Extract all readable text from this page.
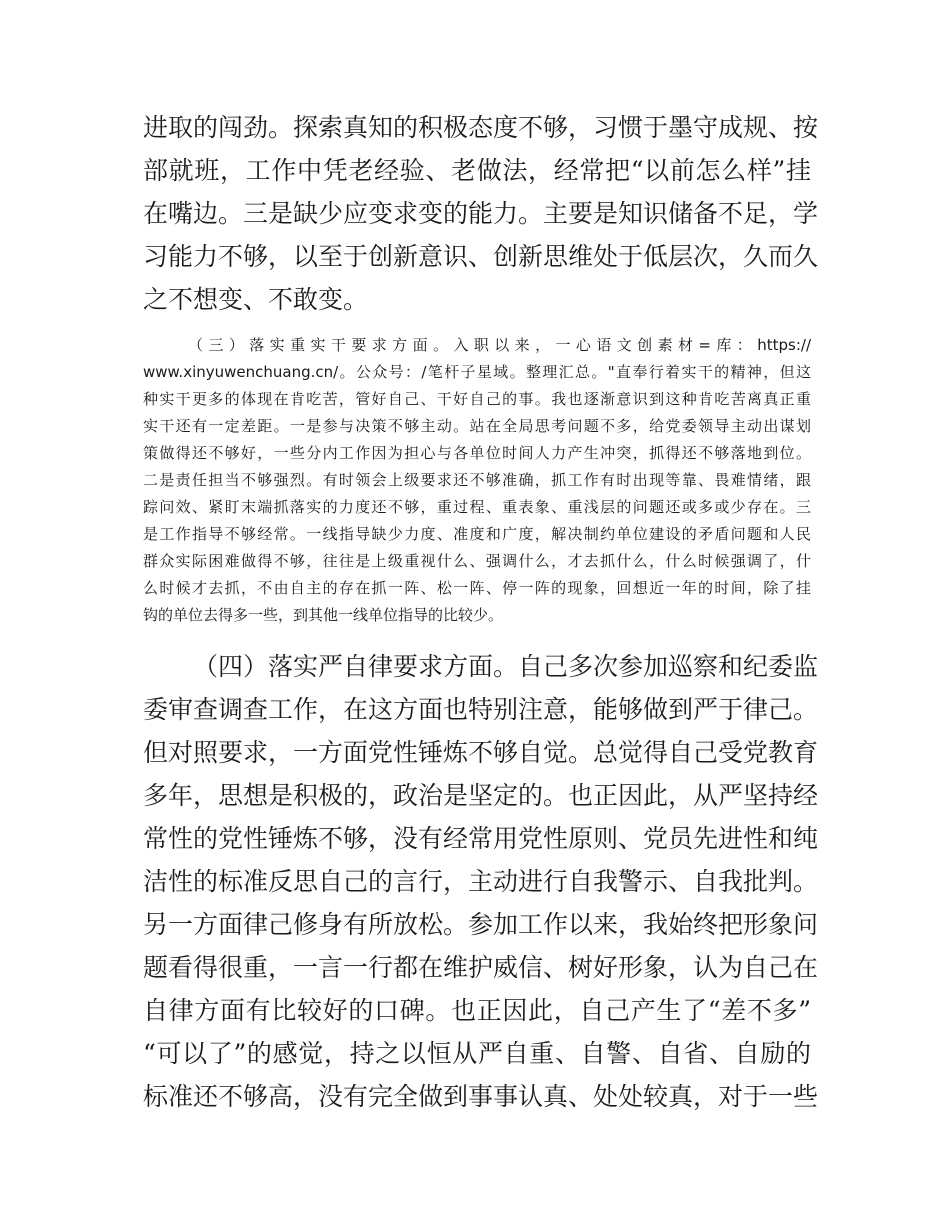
进取的闯劲。探索真知的积极态度不够，习惯于墨守成规、按
部就班，工作中凭老经验、老做法，经常把“以前怎么样”挂
在嘴边。三是缺少应变求变的能力。主要是知识储备不足，学
习能力不够，以至于创新意识、创新思维处于低层次，久而久
之不想变、不敢变。
（三）落实重实干要求方面。入职以来，一心语文创素材=库：https://
www.xinyuwenchuang.cn/。公众号：/笔杆子星域。整理汇总。"直奉行着实干的精神，但这
种实干更多的体现在肯吃苦，管好自己、干好自己的事。我也逐渐意识到这种肯吃苦离真正重
实干还有一定差距。一是参与决策不够主动。站在全局思考问题不多，给党委领导主动出谋划
策做得还不够好，一些分内工作因为担心与各单位时间人力产生冲突，抓得还不够落地到位。
二是责任担当不够强烈。有时领会上级要求还不够准确，抓工作有时出现等靠、畏难情绪，跟
踪问效、紧盯末端抓落实的力度还不够，重过程、重表象、重浅层的问题还或多或少存在。三
是工作指导不够经常。一线指导缺少力度、准度和广度，解决制约单位建设的矛盾问题和人民
群众实际困难做得不够，往往是上级重视什么、强调什么，才去抓什么，什么时候强调了，什
么时候才去抓，不由自主的存在抓一阵、松一阵、停一阵的现象，回想近一年的时间，除了挂
钩的单位去得多一些，到其他一线单位指导的比较少。
（四）落实严自律要求方面。自己多次参加巡察和纪委监
委审查调查工作，在这方面也特别注意，能够做到严于律己。
但对照要求，一方面党性锤炼不够自觉。总觉得自己受党教育
多年，思想是积极的，政治是坚定的。也正因此，从严坚持经
常性的党性锤炼不够，没有经常用党性原则、党员先进性和纯
洁性的标准反思自己的言行，主动进行自我警示、自我批判。
另一方面律己修身有所放松。参加工作以来，我始终把形象问
题看得很重，一言一行都在维护威信、树好形象，认为自己在
自律方面有比较好的口碑。也正因此，自己产生了“差不多”
“可以了”的感觉，持之以恒从严自重、自警、自省、自励的
标准还不够高，没有完全做到事事认真、处处较真，对于一些
